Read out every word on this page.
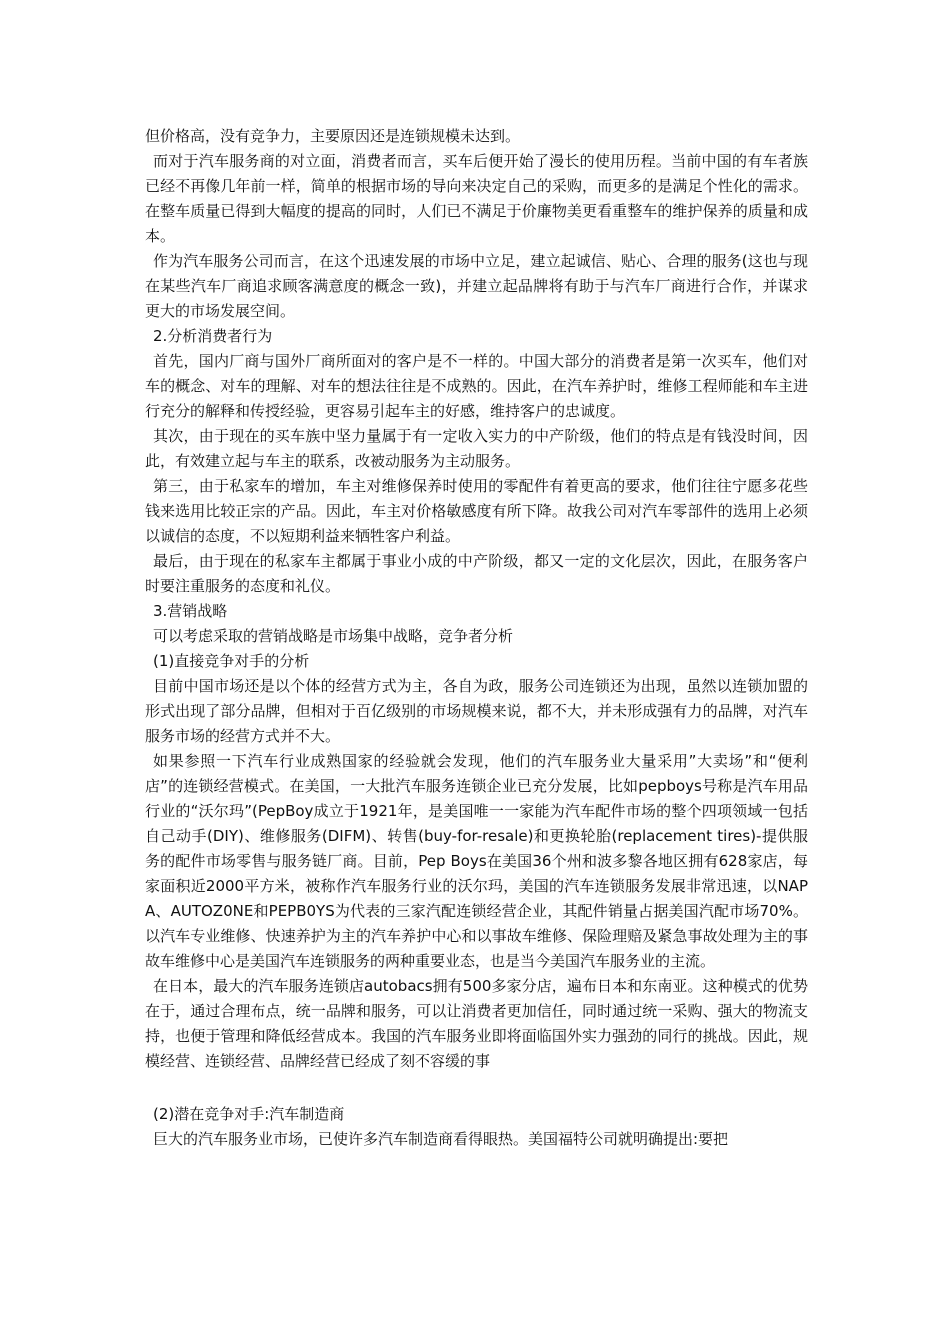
但价格高，没有竞争力，主要原因还是连锁规模未达到。

而对于汽车服务商的对立面，消费者而言，买车后便开始了漫长的使用历程。当前中国的有车者族已经不再像几年前一样，简单的根据市场的导向来决定自己的采购，而更多的是满足个性化的需求。在整车质量已得到大幅度的提高的同时，人们已不满足于价廉物美更看重整车的维护保养的质量和成本。

作为汽车服务公司而言，在这个迅速发展的市场中立足，建立起诚信、贴心、合理的服务(这也与现在某些汽车厂商追求顾客满意度的概念一致)，并建立起品牌将有助于与汽车厂商进行合作，并谋求更大的市场发展空间。

2.分析消费者行为

首先，国内厂商与国外厂商所面对的客户是不一样的。中国大部分的消费者是第一次买车，他们对车的概念、对车的理解、对车的想法往往是不成熟的。因此，在汽车养护时，维修工程师能和车主进行充分的解释和传授经验，更容易引起车主的好感，维持客户的忠诚度。

其次，由于现在的买车族中坚力量属于有一定收入实力的中产阶级，他们的特点是有钱没时间，因此，有效建立起与车主的联系，改被动服务为主动服务。

第三，由于私家车的增加，车主对维修保养时使用的零配件有着更高的要求，他们往往宁愿多花些钱来选用比较正宗的产品。因此，车主对价格敏感度有所下降。故我公司对汽车零部件的选用上必须以诚信的态度，不以短期利益来牺牲客户利益。

最后，由于现在的私家车主都属于事业小成的中产阶级，都又一定的文化层次，因此，在服务客户时要注重服务的态度和礼仪。

3.营销战略

可以考虑采取的营销战略是市场集中战略，竞争者分析

(1)直接竞争对手的分析

目前中国市场还是以个体的经营方式为主，各自为政，服务公司连锁还为出现，虽然以连锁加盟的形式出现了部分品牌，但相对于百亿级别的市场规模来说，都不大，并未形成强有力的品牌，对汽车服务市场的经营方式并不大。

如果参照一下汽车行业成熟国家的经验就会发现，他们的汽车服务业大量采用”大卖场”和“便利店”的连锁经营模式。在美国，一大批汽车服务连锁企业已充分发展，比如pepboys号称是汽车用品行业的“沃尔玛”(PepBoy成立于1921年，是美国唯一一家能为汽车配件市场的整个四项领域一包括自己动手(DIY)、维修服务(DIFM)、转售(buy-for-resale)和更换轮胎(replacement tires)-提供服务的配件市场零售与服务链厂商。目前，Pep Boys在美国36个州和波多黎各地区拥有628家店，每家面积近2000平方米，被称作汽车服务行业的沃尔玛，美国的汽车连锁服务发展非常迅速，以NAPA、AUTOZ0NE和PEPB0YS为代表的三家汽配连锁经营企业，其配件销量占据美国汽配市场70%。以汽车专业维修、快速养护为主的汽车养护中心和以事故车维修、保险理赔及紧急事故处理为主的事故车维修中心是美国汽车连锁服务的两种重要业态，也是当今美国汽车服务业的主流。

在日本，最大的汽车服务连锁店autobacs拥有500多家分店，遍布日本和东南亚。这种模式的优势在于，通过合理布点，统一品牌和服务，可以让消费者更加信任，同时通过统一采购、强大的物流支持，也便于管理和降低经营成本。我国的汽车服务业即将面临国外实力强劲的同行的挑战。因此，规模经营、连锁经营、品牌经营已经成了刻不容缓的事

(2)潜在竞争对手:汽车制造商

巨大的汽车服务业市场，已使许多汽车制造商看得眼热。美国福特公司就明确提出:要把
